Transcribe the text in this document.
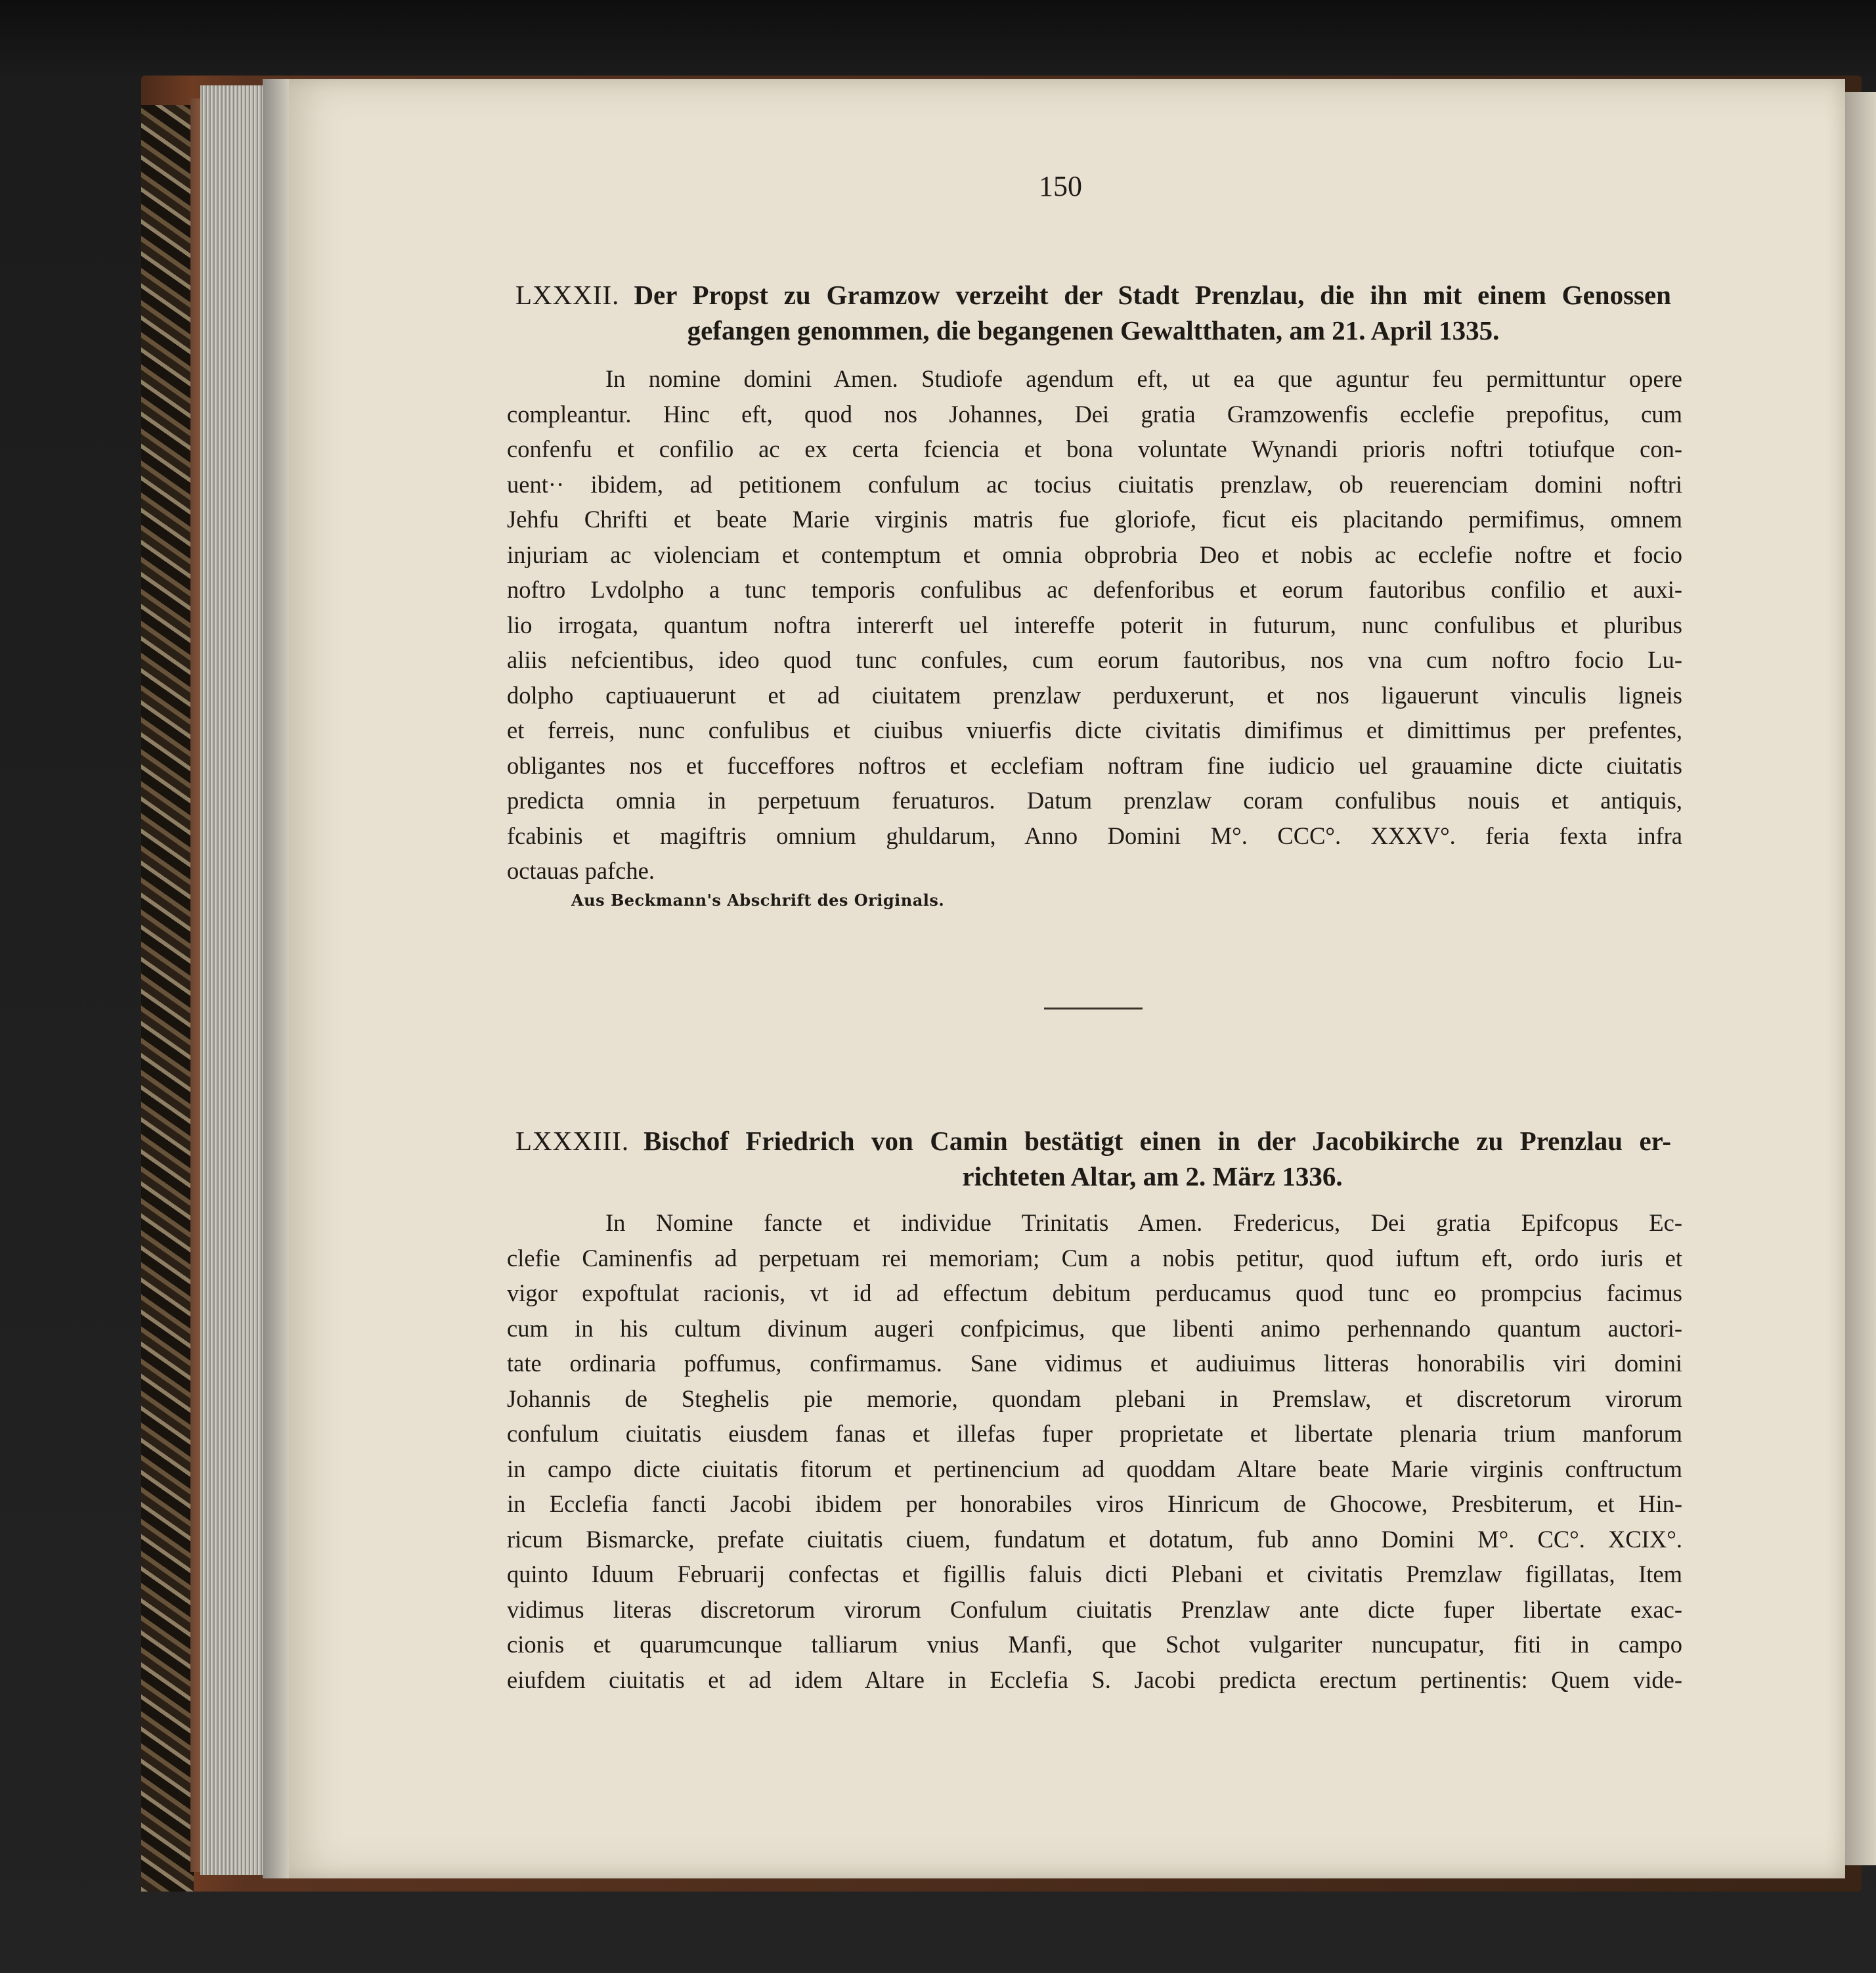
150
LXXXII. Der Propst zu Gramzow verzeiht der Stadt Prenzlau, die ihn mit einem Genossen
gefangen genommen, die begangenen Gewaltthaten, am 21. April 1335.
In nomine domini Amen. Studiofe agendum eft, ut ea que aguntur feu permittuntur opere
compleantur. Hinc eft, quod nos Johannes, Dei gratia Gramzowenfis ecclefie prepofitus, cum
confenfu et confilio ac ex certa fciencia et bona voluntate Wynandi prioris noftri totiufque con-
uent·· ibidem, ad petitionem confulum ac tocius ciuitatis prenzlaw, ob reuerenciam domini noftri
Jehfu Chrifti et beate Marie virginis matris fue gloriofe, ficut eis placitando permifimus, omnem
injuriam ac violenciam et contemptum et omnia obprobria Deo et nobis ac ecclefie noftre et focio
noftro Lvdolpho a tunc temporis confulibus ac defenforibus et eorum fautoribus confilio et auxi-
lio irrogata, quantum noftra intererft uel intereffe poterit in futurum, nunc confulibus et pluribus
aliis nefcientibus, ideo quod tunc confules, cum eorum fautoribus, nos vna cum noftro focio Lu-
dolpho captiuauerunt et ad ciuitatem prenzlaw perduxerunt, et nos ligauerunt vinculis ligneis
et ferreis, nunc confulibus et ciuibus vniuerfis dicte civitatis dimifimus et dimittimus per prefentes,
obligantes nos et fucceffores noftros et ecclefiam noftram fine iudicio uel grauamine dicte ciuitatis
predicta omnia in perpetuum feruaturos. Datum prenzlaw coram confulibus nouis et antiquis,
fcabinis et magiftris omnium ghuldarum, Anno Domini M°. CCC°. XXXV°. feria fexta infra
octauas pafche.
Aus Beckmann's Abschrift des Originals.
LXXXIII. Bischof Friedrich von Camin bestätigt einen in der Jacobikirche zu Prenzlau er-
richteten Altar, am 2. März 1336.
In Nomine fancte et individue Trinitatis Amen. Fredericus, Dei gratia Epifcopus Ec-
clefie Caminenfis ad perpetuam rei memoriam; Cum a nobis petitur, quod iuftum eft, ordo iuris et
vigor expoftulat racionis, vt id ad effectum debitum perducamus quod tunc eo prompcius facimus
cum in his cultum divinum augeri confpicimus, que libenti animo perhennando quantum auctori-
tate ordinaria poffumus, confirmamus. Sane vidimus et audiuimus litteras honorabilis viri domini
Johannis de Steghelis pie memorie, quondam plebani in Premslaw, et discretorum virorum
confulum ciuitatis eiusdem fanas et illefas fuper proprietate et libertate plenaria trium manforum
in campo dicte ciuitatis fitorum et pertinencium ad quoddam Altare beate Marie virginis conftructum
in Ecclefia fancti Jacobi ibidem per honorabiles viros Hinricum de Ghocowe, Presbiterum, et Hin-
ricum Bismarcke, prefate ciuitatis ciuem, fundatum et dotatum, fub anno Domini M°. CC°. XCIX°.
quinto Iduum Februarij confectas et figillis faluis dicti Plebani et civitatis Premzlaw figillatas, Item
vidimus literas discretorum virorum Confulum ciuitatis Prenzlaw ante dicte fuper libertate exac-
cionis et quarumcunque talliarum vnius Manfi, que Schot vulgariter nuncupatur, fiti in campo
eiufdem ciuitatis et ad idem Altare in Ecclefia S. Jacobi predicta erectum pertinentis: Quem vide-
